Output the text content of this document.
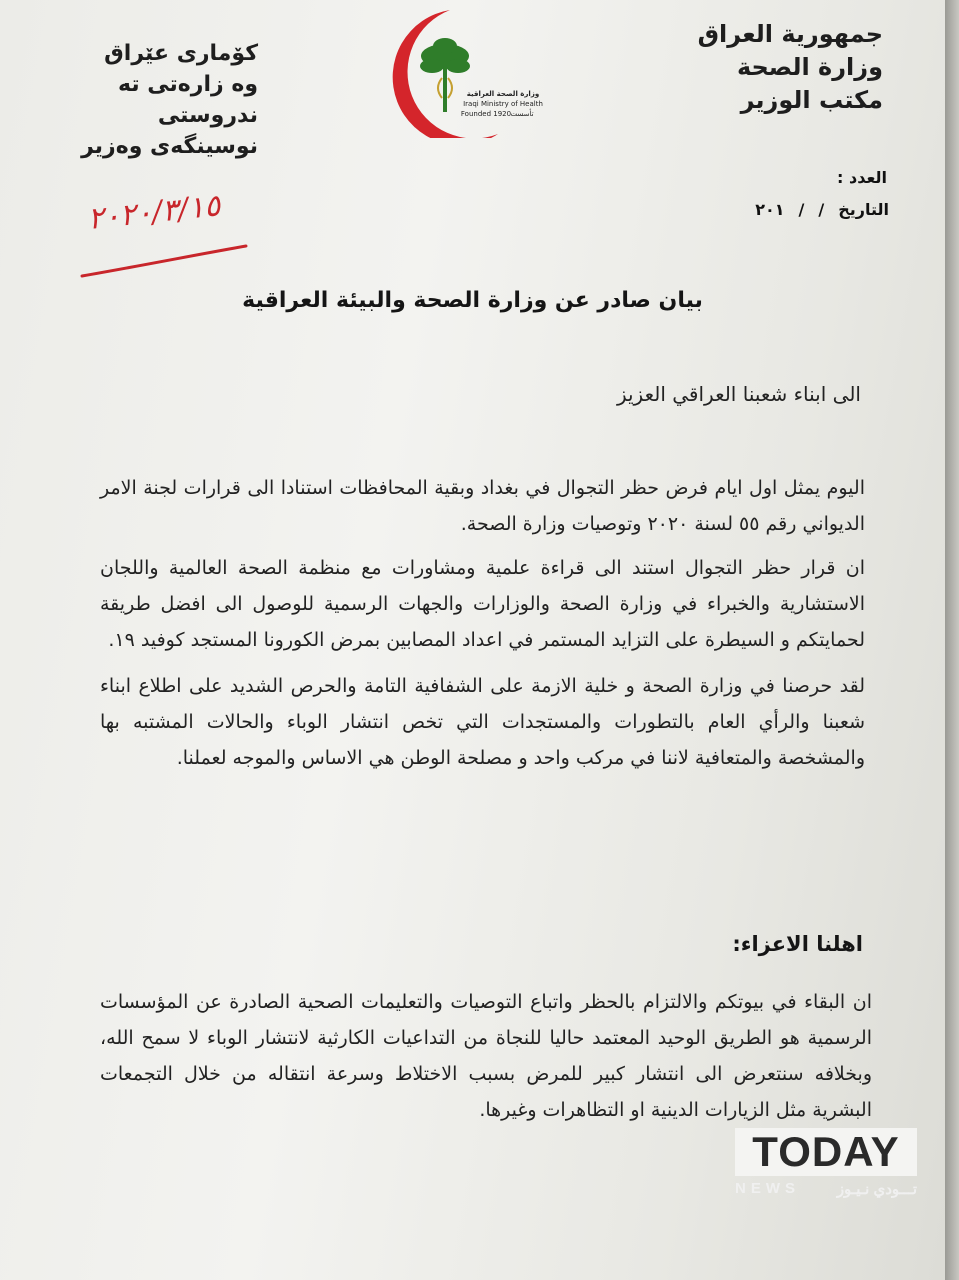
جمهورية العراق
وزارة الصحة
مكتب الوزير
كۆماری عێراق
وه زارەتی تە ندروستی
نوسینگەی وەزیر
وزارة الصحة العراقية
Iraqi Ministry of Health
Founded 1920 تأسست
العدد :
التاريخ
/
/
٢٠١
٢٠٢٠/٣/١٥
بيان صادر عن وزارة الصحة والبيئة العراقية
الى ابناء شعبنا العراقي العزيز
اليوم يمثل اول ايام فرض حظر التجوال في بغداد وبقية المحافظات استنادا الى قرارات لجنة الامر الديواني رقم ٥٥ لسنة ٢٠٢٠ وتوصيات وزارة الصحة.
ان قرار حظر التجوال استند الى قراءة علمية ومشاورات مع منظمة الصحة العالمية واللجان الاستشارية والخبراء في وزارة الصحة والوزارات والجهات الرسمية للوصول الى افضل طريقة لحمايتكم و السيطرة على التزايد المستمر في اعداد المصابين بمرض الكورونا المستجد كوفيد ١٩.
لقد حرصنا في وزارة الصحة و خلية الازمة على الشفافية التامة والحرص الشديد على اطلاع ابناء شعبنا والرأي العام بالتطورات والمستجدات التي تخص انتشار الوباء والحالات المشتبه بها والمشخصة والمتعافية لاننا في مركب واحد و مصلحة الوطن هي الاساس والموجه لعملنا.
اهلنا الاعزاء:
ان البقاء في بيوتكم والالتزام بالحظر واتباع التوصيات والتعليمات الصحية الصادرة عن المؤسسات الرسمية هو الطريق الوحيد المعتمد حاليا للنجاة من التداعيات الكارثية لانتشار الوباء لا سمح الله، وبخلافه سنتعرض الى انتشار كبير للمرض بسبب الاختلاط وسرعة انتقاله من خلال التجمعات البشرية مثل الزيارات الدينية او التظاهرات وغيرها.
TODAY
NEWS تـــودي نـيـوز
